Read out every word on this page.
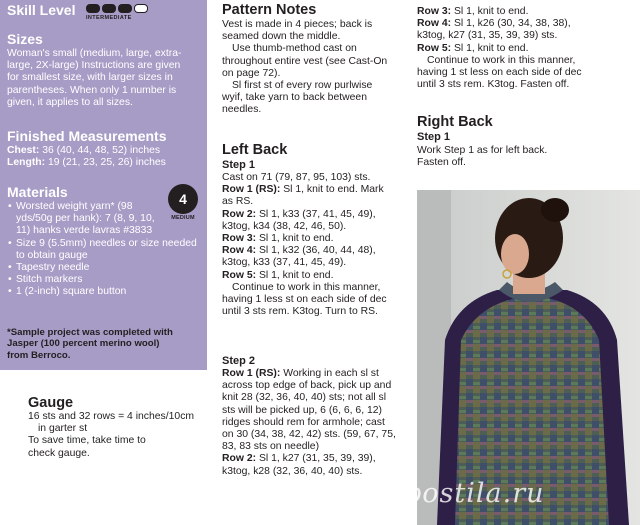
Skill Level INTERMEDIATE
Sizes
Woman's small (medium, large, extra-
large, 2X-large) Instructions are given
for smallest size, with larger sizes in
parentheses. When only 1 number is
given, it applies to all sizes.
Finished Measurements
Chest: 36 (40, 44, 48, 52) inches
Length: 19 (21, 23, 25, 26) inches
Materials	4
MEDIUM
• Worsted weight yarn* (98
yds/50g per hank): 7 (8, 9, 10,
11) hanks verde lavras #3833
• Size 9 (5.5mm) needles or size needed
to obtain gauge
• Tapestry needle
• Stitch markers
• 1 (2-inch) square button
*Sample project was completed with
Jasper (100 percent merino wool)
from Berroco.
Gauge
16 sts and 32 rows = 4 inches/10cm
in garter st
To save time, take time to
check gauge.
Pattern Notes
Vest is made in 4 pieces; back is
seamed down the middle.
Use thumb-method cast on
throughout entire vest (see Cast-On
on page 72).
Sl first st of every row purlwise
wyif, take yarn to back between
needles.
Left Back
Step 1
Cast on 71 (79, 87, 95, 103) sts.
Row 1 (RS): Sl 1, knit to end. Mark
as RS.
Row 2: Sl 1, k33 (37, 41, 45, 49),
k3tog, k34 (38, 42, 46, 50).
Row 3: Sl 1, knit to end.
Row 4: Sl 1, k32 (36, 40, 44, 48),
k3tog, k33 (37, 41, 45, 49).
Row 5: Sl 1, knit to end.
Continue to work in this manner,
having 1 less st on each side of dec
until 3 sts rem. K3tog. Turn to RS.
Step 2
Row 1 (RS): Working in each sl st
across top edge of back, pick up and
knit 28 (32, 36, 40, 40) sts; not all sl
sts will be picked up, 6 (6, 6, 6, 12)
ridges should rem for armhole; cast
on 30 (34, 38, 42, 42) sts. (59, 67, 75,
83, 83 sts on needle)
Row 2: Sl 1, k27 (31, 35, 39, 39),
k3tog, k28 (32, 36, 40, 40) sts.
Row 3: Sl 1, knit to end.
Row 4: Sl 1, k26 (30, 34, 38, 38),
k3tog, k27 (31, 35, 39, 39) sts.
Row 5: Sl 1, knit to end.
Continue to work in this manner,
having 1 st less on each side of dec
until 3 sts rem. K3tog. Fasten off.
Right Back
Step 1
Work Step 1 as for left back.
Fasten off.
postila.ru
